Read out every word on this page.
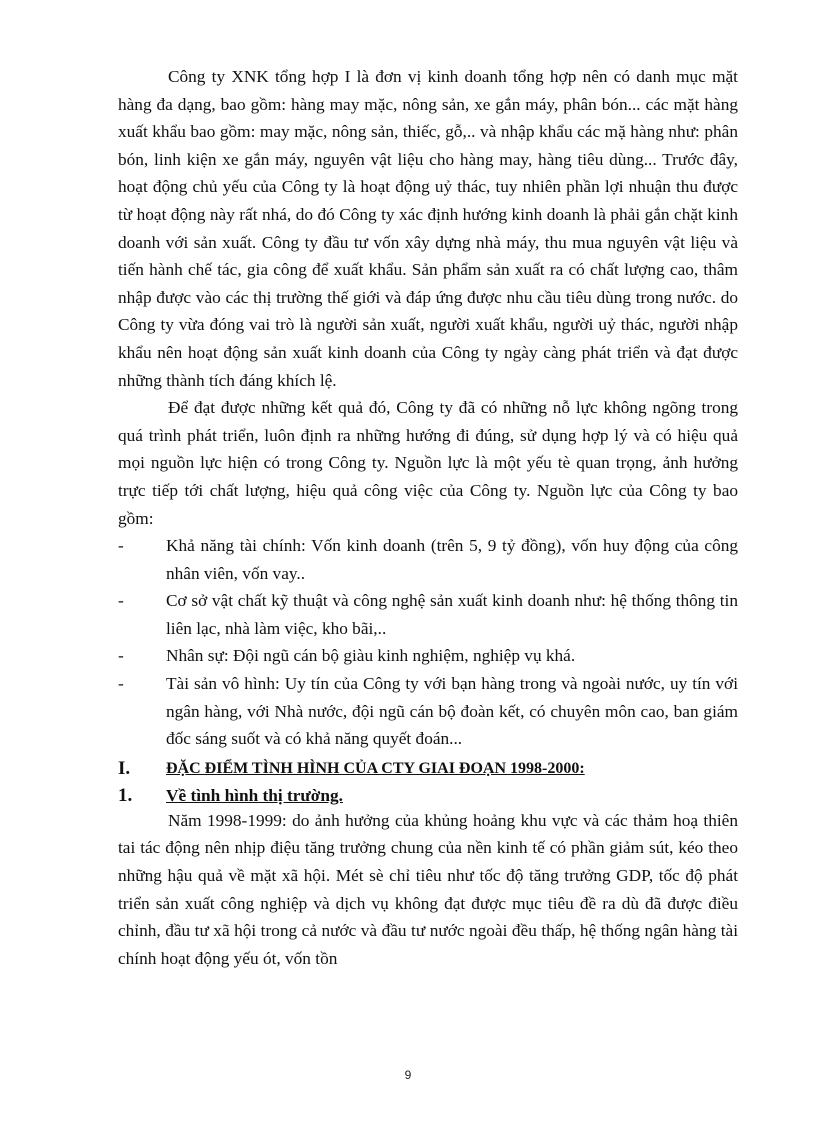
Công ty XNK tổng hợp I là đơn vị kinh doanh tổng hợp nên có danh mục mặt hàng đa dạng, bao gồm: hàng may mặc, nông sản, xe gắn máy, phân bón... các mặt hàng xuất khẩu bao gồm: may mặc, nông sản, thiếc, gỗ,.. và nhập khẩu các mặ hàng như: phân bón, linh kiện xe gắn máy, nguyên vật liệu cho hàng may, hàng tiêu dùng... Trước đây, hoạt động chủ yếu của Công ty là hoạt động uỷ thác, tuy nhiên phần lợi nhuận thu được từ hoạt động này rất nhá, do đó Công ty xác định hướng kinh doanh là phải gắn chặt kinh doanh với sản xuất. Công ty đầu tư vốn xây dựng nhà máy, thu mua nguyên vật liệu và tiến hành chế tác, gia công để xuất khẩu. Sản phẩm sản xuất ra có chất lượng cao, thâm nhập được vào các thị trường thế giới và đáp ứng được nhu cầu tiêu dùng trong nước. do Công ty vừa đóng vai trò là người sản xuất, người xuất khẩu, người uỷ thác, người nhập khẩu nên hoạt động sản xuất kinh doanh của Công ty ngày càng phát triển và đạt được những thành tích đáng khích lệ.

Để đạt được những kết quả đó, Công ty đã có những nỗ lực không ngõng trong quá trình phát triển, luôn định ra những hướng đi đúng, sử dụng hợp lý và có hiệu quả mọi nguồn lực hiện có trong Công ty. Nguồn lực là một yếu tè quan trọng, ảnh hưởng trực tiếp tới chất lượng, hiệu quả công việc của Công ty. Nguồn lực của Công ty bao gồm:

-	Khả năng tài chính: Vốn kinh doanh (trên 5, 9 tỷ đồng), vốn huy động của công nhân viên, vốn vay..
-	Cơ sở vật chất kỹ thuật và công nghệ sản xuất kinh doanh như: hệ thống thông tin liên lạc, nhà làm việc, kho bãi,..
-	Nhân sự: Đội ngũ cán bộ giàu kinh nghiệm, nghiệp vụ khá.
-	Tài sản vô hình: Uy tín của Công ty với bạn hàng trong và ngoài nước, uy tín với ngân hàng, với Nhà nước, đội ngũ cán bộ đoàn kết, có chuyên môn cao, ban giám đốc sáng suốt và có khả năng quyết đoán...
I.	ĐẶC ĐIỂM TÌNH HÌNH CỦA CTY GIAI ĐOẠN 1998-2000:
1.	Về tình hình thị trường.

Năm 1998-1999: do ảnh hưởng của khủng hoảng khu vực và các thảm hoạ thiên tai tác động nên nhịp điệu tăng trưởng chung của nền kinh tế có phần giảm sút, kéo theo những hậu quả về mặt xã hội. Mét sè chỉ tiêu như tốc độ tăng trưởng GDP, tốc độ phát triển sản xuất công nghiệp và dịch vụ không đạt được mục tiêu đề ra dù đã được điều chỉnh, đầu tư xã hội trong cả nước và đầu tư nước ngoài đều thấp, hệ thống ngân hàng tài chính hoạt động yếu ót, vốn tồn

9
